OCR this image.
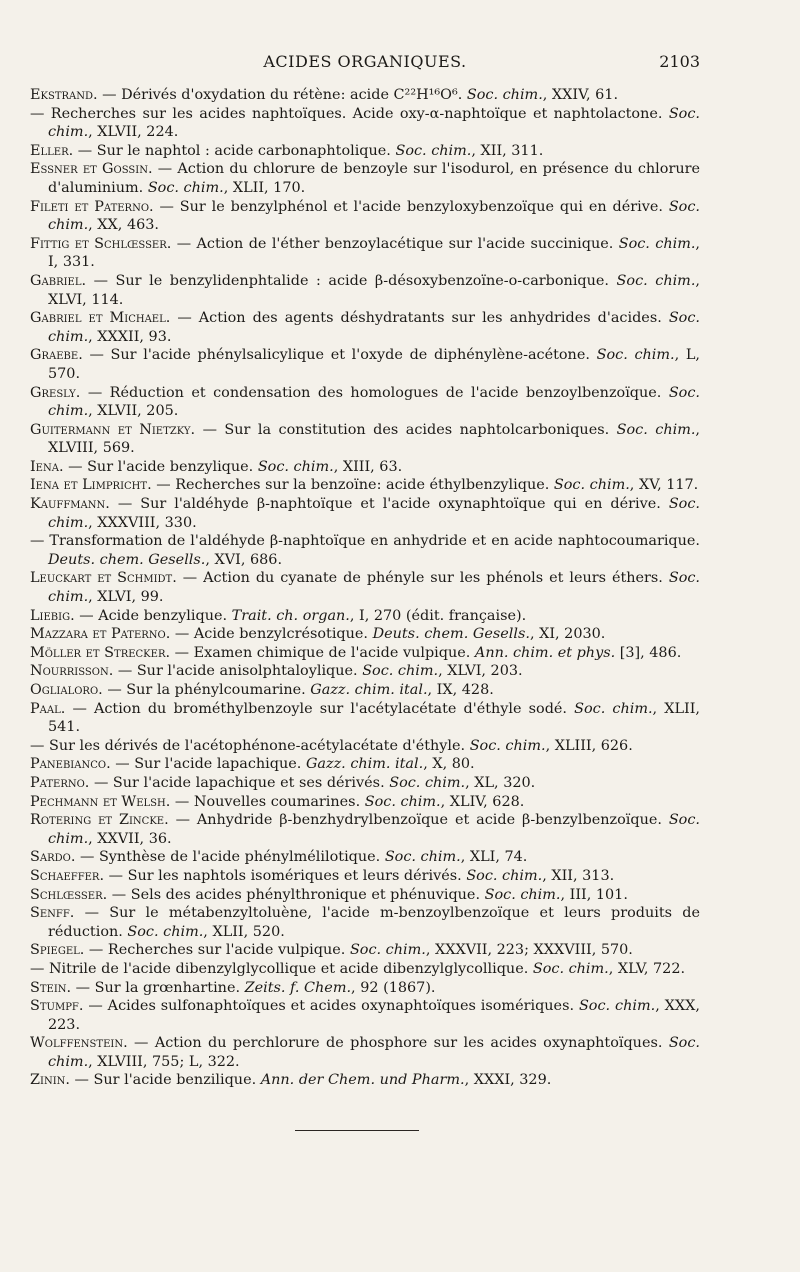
ACIDES ORGANIQUES.	2103

Ekstrand. — Dérivés d'oxydation du rétène: acide C²²H¹⁶O⁶. Soc. chim., XXIV, 61.

— Recherches sur les acides naphtoïques. Acide oxy-α-naphtoïque et naphtolactone. Soc. chim., XLVII, 224.

Eller. — Sur le naphtol : acide carbonaphtolique. Soc. chim., XII, 311.

Essner et Gossin. — Action du chlorure de benzoyle sur l'isodurol, en présence du chlorure d'aluminium. Soc. chim., XLII, 170.

Fileti et Paterno. — Sur le benzylphénol et l'acide benzyloxybenzoïque qui en dérive. Soc. chim., XX, 463.

Fittig et Schlœsser. — Action de l'éther benzoylacétique sur l'acide succinique. Soc. chim., I, 331.

Gabriel. — Sur le benzylidenphtalide : acide β-désoxybenzoïne-o-carbonique. Soc. chim., XLVI, 114.

Gabriel et Michael. — Action des agents déshydratants sur les anhydrides d'acides. Soc. chim., XXXII, 93.

Graebe. — Sur l'acide phénylsalicylique et l'oxyde de diphénylène-acétone. Soc. chim., L, 570.

Gresly. — Réduction et condensation des homologues de l'acide benzoylbenzoïque. Soc. chim., XLVII, 205.

Guitermann et Nietzky. — Sur la constitution des acides naphtolcarboniques. Soc. chim., XLVIII, 569.

Iena. — Sur l'acide benzylique. Soc. chim., XIII, 63.

Iena et Limpricht. — Recherches sur la benzoïne: acide éthylbenzylique. Soc. chim., XV, 117.

Kauffmann. — Sur l'aldéhyde β-naphtoïque et l'acide oxynaphtoïque qui en dérive. Soc. chim., XXXVIII, 330.

— Transformation de l'aldéhyde β-naphtoïque en anhydride et en acide naphtocoumarique. Deuts. chem. Gesells., XVI, 686.

Leuckart et Schmidt. — Action du cyanate de phényle sur les phénols et leurs éthers. Soc. chim., XLVI, 99.

Liebig. — Acide benzylique. Trait. ch. organ., I, 270 (édit. française).

Mazzara et Paterno. — Acide benzylcrésotique. Deuts. chem. Gesells., XI, 2030.

Möller et Strecker. — Examen chimique de l'acide vulpique. Ann. chim. et phys. [3], 486.

Nourrisson. — Sur l'acide anisolphtaloylique. Soc. chim., XLVI, 203.

Oglialoro. — Sur la phénylcoumarine. Gazz. chim. ital., IX, 428.

Paal. — Action du brométhylbenzoyle sur l'acétylacétate d'éthyle sodé. Soc. chim., XLII, 541.

— Sur les dérivés de l'acétophénone-acétylacétate d'éthyle. Soc. chim., XLIII, 626.

Panebianco. — Sur l'acide lapachique. Gazz. chim. ital., X, 80.

Paterno. — Sur l'acide lapachique et ses dérivés. Soc. chim., XL, 320.

Pechmann et Welsh. — Nouvelles coumarines. Soc. chim., XLIV, 628.

Rotering et Zincke. — Anhydride β-benzhydrylbenzoïque et acide β-benzylbenzoïque. Soc. chim., XXVII, 36.

Sardo. — Synthèse de l'acide phénylmélilotique. Soc. chim., XLI, 74.

Schaeffer. — Sur les naphtols isomériques et leurs dérivés. Soc. chim., XII, 313.

Schlœsser. — Sels des acides phénylthronique et phénuvique. Soc. chim., III, 101.

Senff. — Sur le métabenzyltoluène, l'acide m-benzoylbenzoïque et leurs produits de réduction. Soc. chim., XLII, 520.

Spiegel. — Recherches sur l'acide vulpique. Soc. chim., XXXVII, 223; XXXVIII, 570.

— Nitrile de l'acide dibenzylglycollique et acide dibenzylglycollique. Soc. chim., XLV, 722.

Stein. — Sur la grœnhartine. Zeits. f. Chem., 92 (1867).

Stumpf. — Acides sulfonaphtoïques et acides oxynaphtoïques isomériques. Soc. chim., XXX, 223.

Wolffenstein. — Action du perchlorure de phosphore sur les acides oxynaphtoïques. Soc. chim., XLVIII, 755; L, 322.

Zinin. — Sur l'acide benzilique. Ann. der Chem. und Pharm., XXXI, 329.
